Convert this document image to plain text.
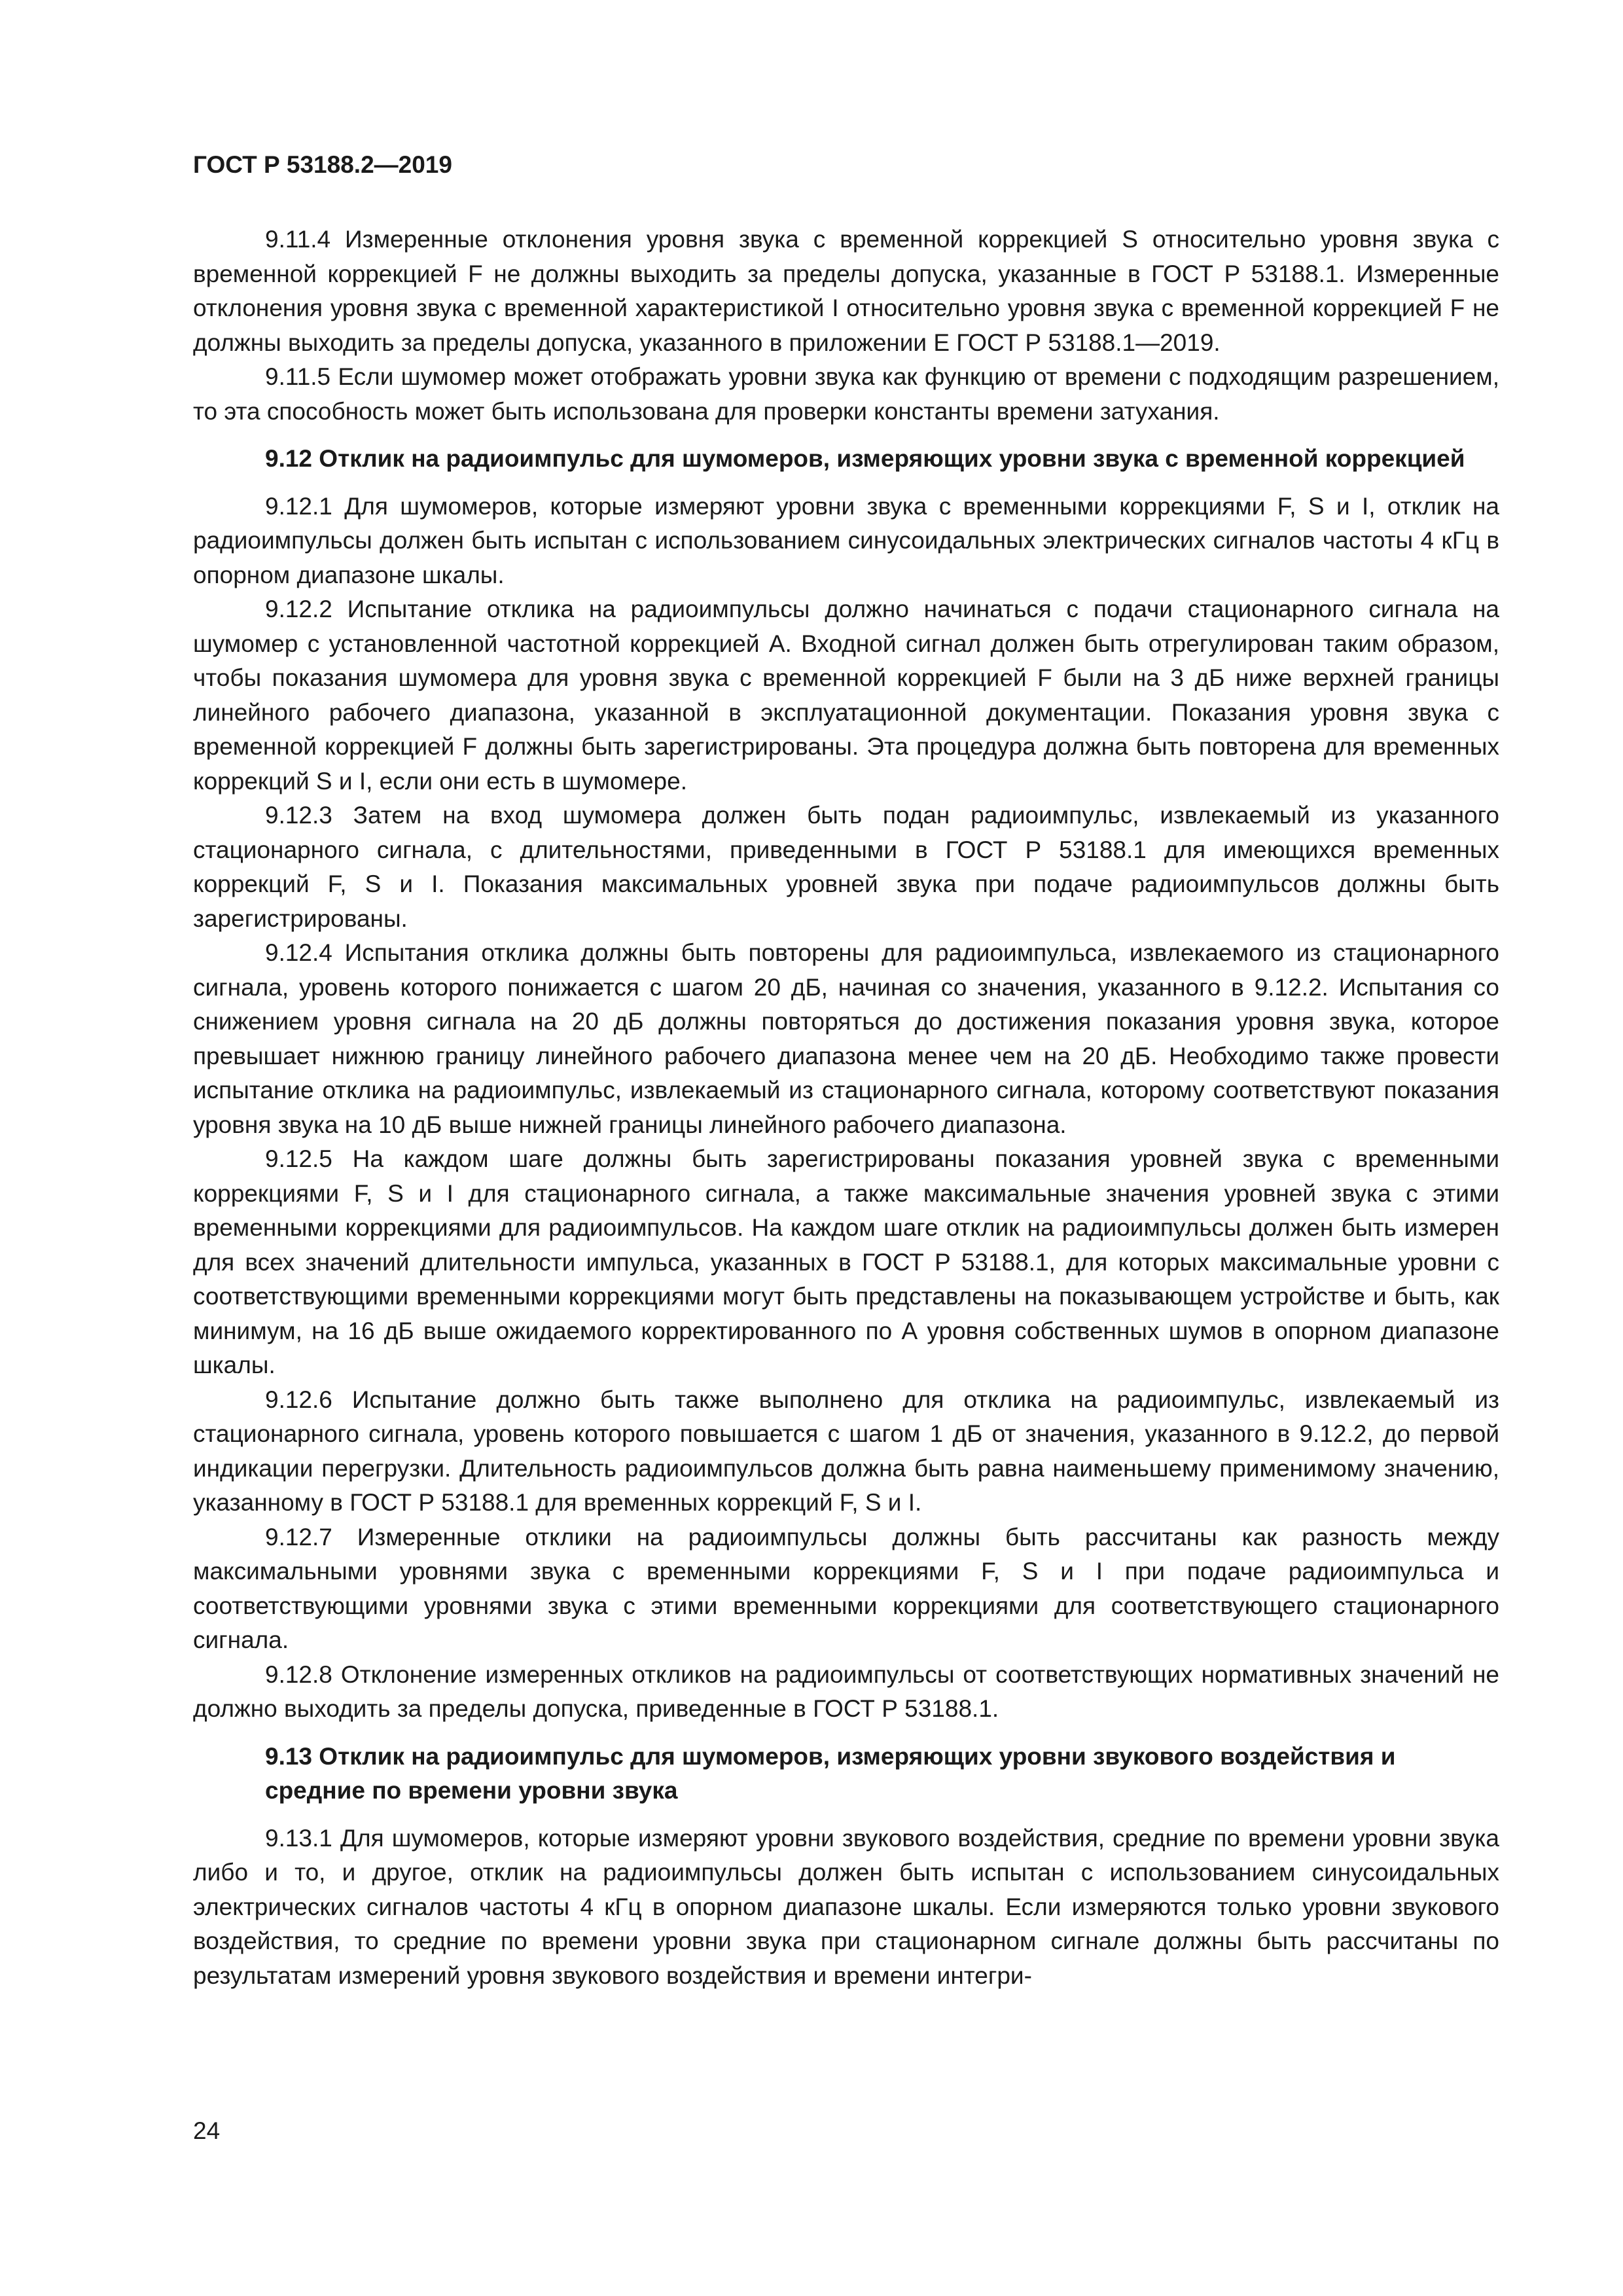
ГОСТ Р 53188.2—2019

9.11.4 Измеренные отклонения уровня звука с временной коррекцией S относительно уровня звука с временной коррекцией F не должны выходить за пределы допуска, указанные в ГОСТ Р 53188.1. Измеренные отклонения уровня звука с временной характеристикой I относительно уровня звука с временной коррекцией F не должны выходить за пределы допуска, указанного в приложении Е ГОСТ Р 53188.1—2019.

9.11.5 Если шумомер может отображать уровни звука как функцию от времени с подходящим разрешением, то эта способность может быть использована для проверки константы времени затухания.

9.12 Отклик на радиоимпульс для шумомеров, измеряющих уровни звука с временной коррекцией

9.12.1 Для шумомеров, которые измеряют уровни звука с временными коррекциями F, S и I, отклик на радиоимпульсы должен быть испытан с использованием синусоидальных электрических сигналов частоты 4 кГц в опорном диапазоне шкалы.

9.12.2 Испытание отклика на радиоимпульсы должно начинаться с подачи стационарного сигнала на шумомер с установленной частотной коррекцией А. Входной сигнал должен быть отрегулирован таким образом, чтобы показания шумомера для уровня звука с временной коррекцией F были на 3 дБ ниже верхней границы линейного рабочего диапазона, указанной в эксплуатационной документации. Показания уровня звука с временной коррекцией F должны быть зарегистрированы. Эта процедура должна быть повторена для временных коррекций S и I, если они есть в шумомере.

9.12.3 Затем на вход шумомера должен быть подан радиоимпульс, извлекаемый из указанного стационарного сигнала, с длительностями, приведенными в ГОСТ Р 53188.1 для имеющихся временных коррекций F, S и I. Показания максимальных уровней звука при подаче радиоимпульсов должны быть зарегистрированы.

9.12.4 Испытания отклика должны быть повторены для радиоимпульса, извлекаемого из стационарного сигнала, уровень которого понижается с шагом 20 дБ, начиная со значения, указанного в 9.12.2. Испытания со снижением уровня сигнала на 20 дБ должны повторяться до достижения показания уровня звука, которое превышает нижнюю границу линейного рабочего диапазона менее чем на 20 дБ. Необходимо также провести испытание отклика на радиоимпульс, извлекаемый из стационарного сигнала, которому соответствуют показания уровня звука на 10 дБ выше нижней границы линейного рабочего диапазона.

9.12.5 На каждом шаге должны быть зарегистрированы показания уровней звука с временными коррекциями F, S и I для стационарного сигнала, а также максимальные значения уровней звука с этими временными коррекциями для радиоимпульсов. На каждом шаге отклик на радиоимпульсы должен быть измерен для всех значений длительности импульса, указанных в ГОСТ Р 53188.1, для которых максимальные уровни с соответствующими временными коррекциями могут быть представлены на показывающем устройстве и быть, как минимум, на 16 дБ выше ожидаемого корректированного по А уровня собственных шумов в опорном диапазоне шкалы.

9.12.6 Испытание должно быть также выполнено для отклика на радиоимпульс, извлекаемый из стационарного сигнала, уровень которого повышается с шагом 1 дБ от значения, указанного в 9.12.2, до первой индикации перегрузки. Длительность радиоимпульсов должна быть равна наименьшему применимому значению, указанному в ГОСТ Р 53188.1 для временных коррекций F, S и I.

9.12.7 Измеренные отклики на радиоимпульсы должны быть рассчитаны как разность между максимальными уровнями звука с временными коррекциями F, S и I при подаче радиоимпульса и соответствующими уровнями звука с этими временными коррекциями для соответствующего стационарного сигнала.

9.12.8 Отклонение измеренных откликов на радиоимпульсы от соответствующих нормативных значений не должно выходить за пределы допуска, приведенные в ГОСТ Р 53188.1.

9.13 Отклик на радиоимпульс для шумомеров, измеряющих уровни звукового воздействия и средние по времени уровни звука

9.13.1 Для шумомеров, которые измеряют уровни звукового воздействия, средние по времени уровни звука либо и то, и другое, отклик на радиоимпульсы должен быть испытан с использованием синусоидальных электрических сигналов частоты 4 кГц в опорном диапазоне шкалы. Если измеряются только уровни звукового воздействия, то средние по времени уровни звука при стационарном сигнале должны быть рассчитаны по результатам измерений уровня звукового воздействия и времени интегри-

24
